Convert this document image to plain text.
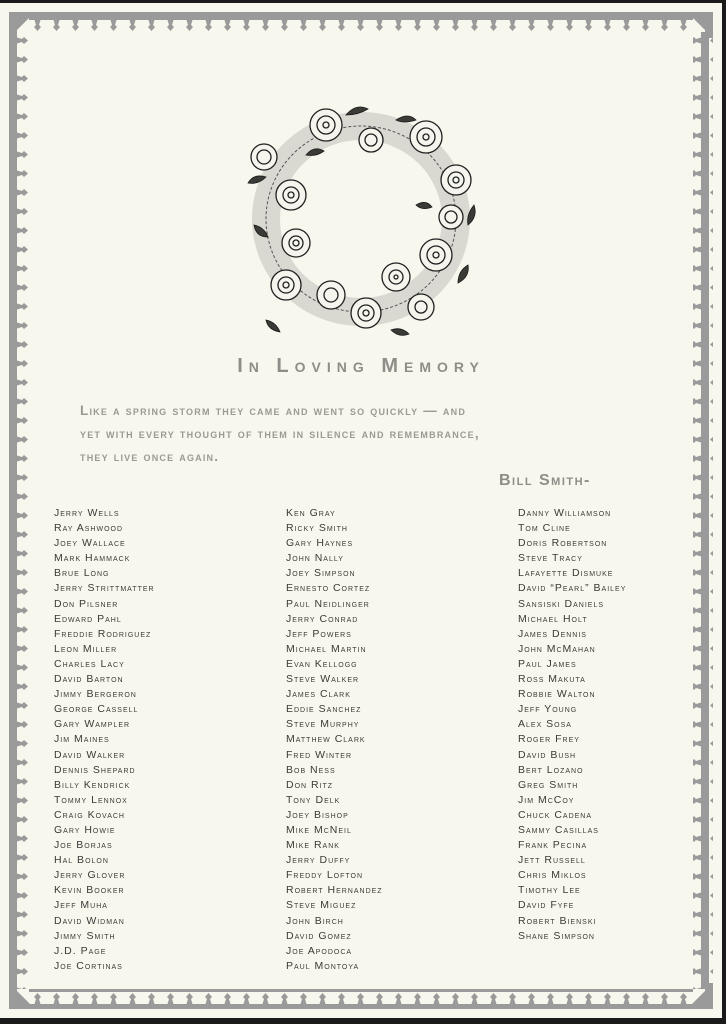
In Loving Memory
Like a spring storm they came and went so quickly — and
yet with every thought of them in silence and remembrance,
they live once again.
Bill Smith-
Jerry Wells
Ray Ashwood
Joey Wallace
Mark Hammack
Brue Long
Jerry Strittmatter
Don Pilsner
Edward Pahl
Freddie Rodriguez
Leon Miller
Charles Lacy
David Barton
Jimmy Bergeron
George Cassell
Gary Wampler
Jim Maines
David Walker
Dennis Shepard
Billy Kendrick
Tommy Lennox
Craig Kovach
Gary Howie
Joe Borjas
Hal Bolon
Jerry Glover
Kevin Booker
Jeff Muha
David Widman
Jimmy Smith
J.D. Page
Joe Cortinas
Ken Gray
Ricky Smith
Gary Haynes
John Nally
Joey Simpson
Ernesto Cortez
Paul Neidlinger
Jerry Conrad
Jeff Powers
Michael Martin
Evan Kellogg
Steve Walker
James Clark
Eddie Sanchez
Steve Murphy
Matthew Clark
Fred Winter
Bob Ness
Don Ritz
Tony Delk
Joey Bishop
Mike McNeil
Mike Rank
Jerry Duffy
Freddy Lofton
Robert Hernandez
Steve Miguez
John Birch
David Gomez
Joe Apodoca
Paul Montoya
Danny Williamson
Tom Cline
Doris Robertson
Steve Tracy
Lafayette Dismuke
David “Pearl” Bailey
Sansiski Daniels
Michael Holt
James Dennis
John McMahan
Paul James
Ross Makuta
Robbie Walton
Jeff Young
Alex Sosa
Roger Frey
David Bush
Bert Lozano
Greg Smith
Jim McCoy
Chuck Cadena
Sammy Casillas
Frank Pecina
Jett Russell
Chris Miklos
Timothy Lee
David Fyfe
Robert Bienski
Shane Simpson
